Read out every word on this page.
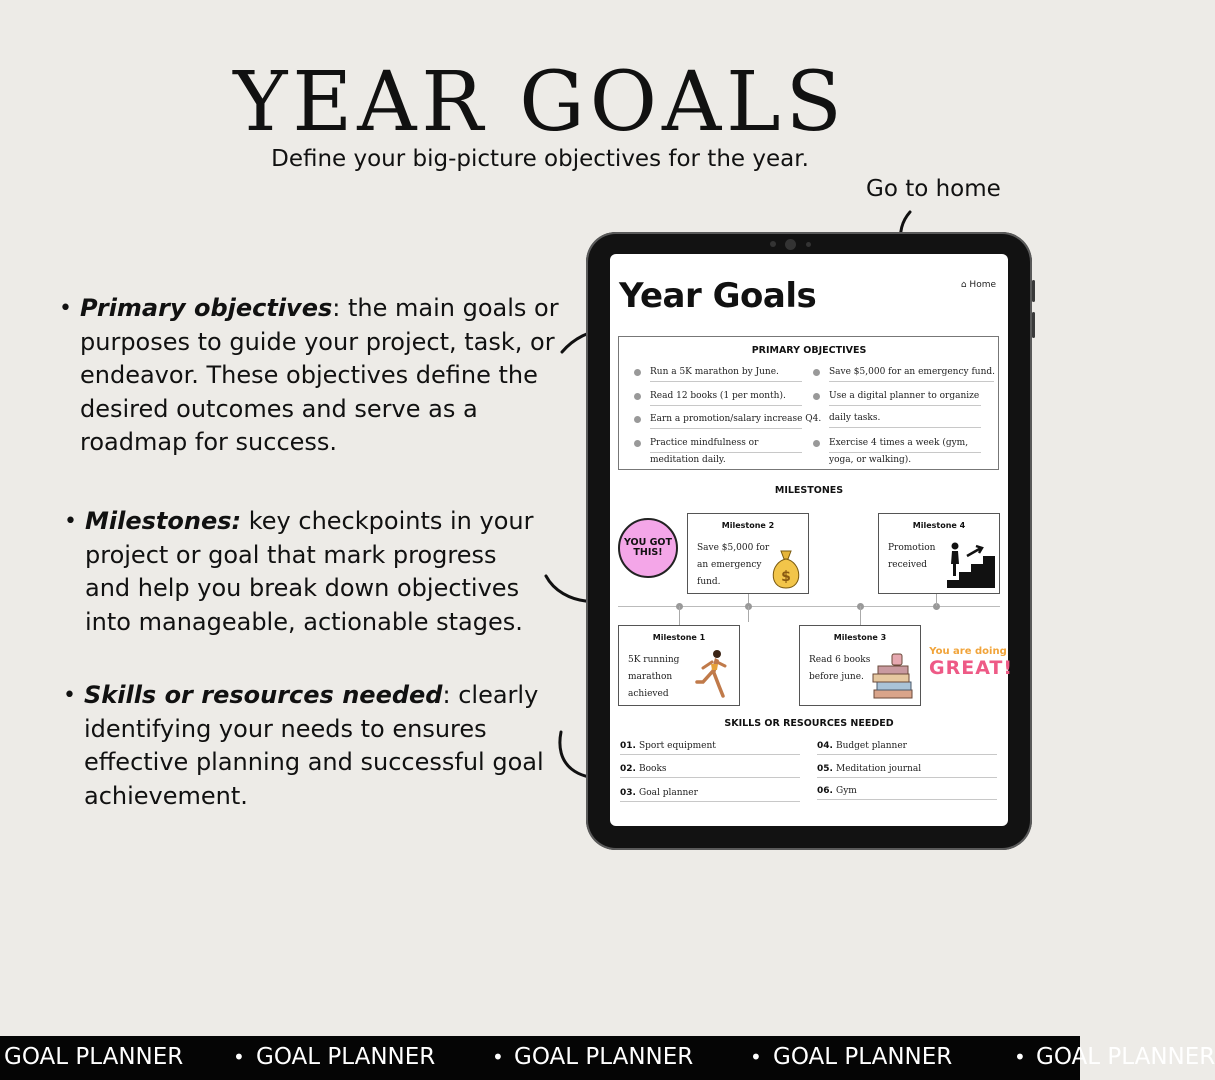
YEAR GOALS
Define your big-picture objectives for the year.
Go to home
• Primary objectives: the main goals or purposes to guide your project, task, or endeavor. These objectives define the desired outcomes and serve as a roadmap for success.
• Milestones: key checkpoints in your project or goal that mark progress and help you break down objectives into manageable, actionable stages.
• Skills or resources needed: clearly identifying your needs to ensures effective planning and successful goal achievement.
Year Goals	⌂ Home
PRIMARY OBJECTIVES
Run a 5K marathon by June.
Read 12 books (1 per month).
Earn a promotion/salary increase Q4.
Practice mindfulness or
meditation daily.
Save $5,000 for an emergency fund.
Use a digital planner to organize
daily tasks.
Exercise 4 times a week (gym,
yoga, or walking).
MILESTONES
YOU GOT THIS!
Milestone 2
Save $5,000 for
an emergency
fund.	$
Milestone 4
Promotion
received
Milestone 1
5K running
marathon
achieved
Milestone 3
Read 6 books
before june.
You are doing
GREAT!
SKILLS OR RESOURCES NEEDED
01. Sport equipment
02. Books
03. Goal planner
04. Budget planner
05. Meditation journal
06. Gym
GOAL PLANNER • GOAL PLANNER	• GOAL PLANNER	• GOAL PLANNER	• GOAL PLANNER
